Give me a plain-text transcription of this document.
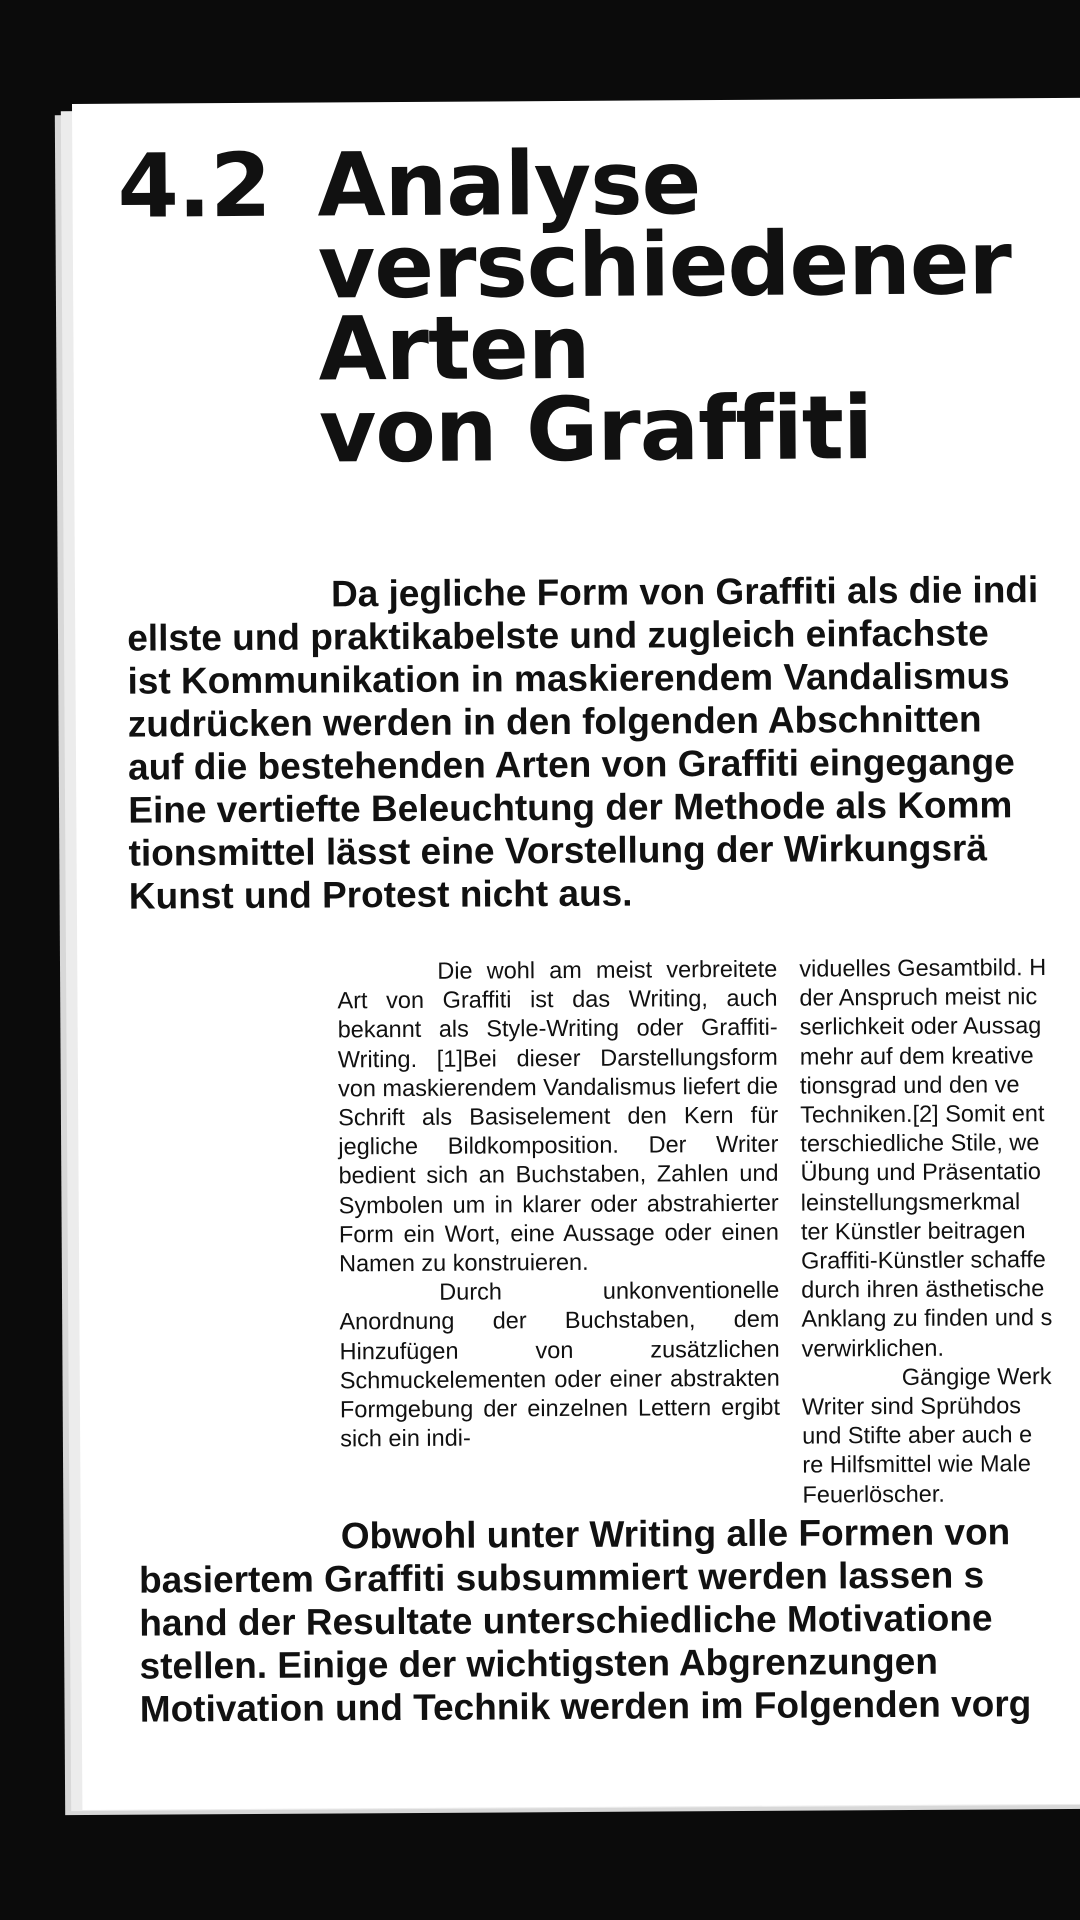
4.2 Analyse
verschiedener
Arten
von Graffiti
Da jegliche Form von Graffiti als die indi
ellste und praktikabelste und zugleich einfachste
ist Kommunikation in maskierendem Vandalismus
zudrücken werden in den folgenden Abschnitten
auf die bestehenden Arten von Graffiti eingegange
Eine vertiefte Beleuchtung der Methode als Komm
tionsmittel lässt eine Vorstellung der Wirkungsrä
Kunst und Protest nicht aus.

Die wohl am meist verbreitete Art von Graffiti ist das Writing, auch bekannt als Style-Writing oder Graffiti-Writing. [1]Bei dieser Darstellungsform von maskierendem Vandalismus liefert die Schrift als Basiselement den Kern für jegliche Bildkomposition. Der Writer bedient sich an Buchstaben, Zahlen und Symbolen um in klarer oder abstrahierter Form ein Wort, eine Aussage oder einen Namen zu konstruieren.

Durch unkonventionelle Anordnung der Buchstaben, dem Hinzufügen von zusätzlichen Schmuckelementen oder einer abstrakten Formgebung der einzelnen Lettern ergibt sich ein indi-

viduelles Gesamtbild. H
der Anspruch meist nic
serlichkeit oder Aussag
mehr auf dem kreative
tionsgrad und den ve
Techniken.[2] Somit ent
terschiedliche Stile, we
Übung und Präsentatio
leinstellungsmerkmal
ter Künstler beitragen
Graffiti-Künstler schaffe
durch ihren ästhetische
Anklang zu finden und s
verwirklichen.
Gängige Werk
Writer sind Sprühdos
und Stifte aber auch e
re Hilfsmittel wie Male
Feuerlöscher.
Obwohl unter Writing alle Formen von
basiertem Graffiti subsummiert werden lassen s
hand der Resultate unterschiedliche Motivatione
stellen. Einige der wichtigsten Abgrenzungen
Motivation und Technik werden im Folgenden vorg
